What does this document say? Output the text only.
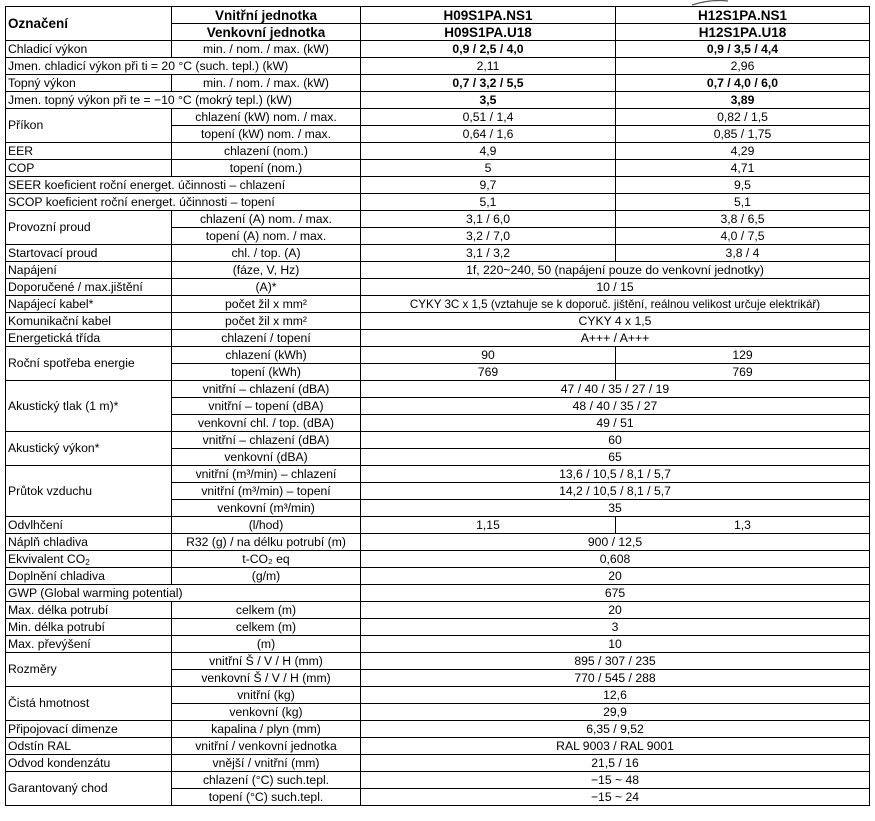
Označení	Vnitřní jednotka	H09S1PA.NS1	H12S1PA.NS1
	Venkovní jednotka	H09S1PA.U18	H12S1PA.U18
Chladicí výkon	min. / nom. / max. (kW)	0,9 / 2,5 / 4,0	0,9 / 3,5 / 4,4
Jmen. chladicí výkon při ti = 20 °C (such. tepl.) (kW)		2,11	2,96
Topný výkon	min. / nom. / max. (kW)	0,7 / 3,2 / 5,5	0,7 / 4,0 / 6,0
Jmen. topný výkon při te = −10 °C (mokrý tepl.) (kW)		3,5	3,89
Příkon	chlazení (kW) nom. / max.	0,51 / 1,4	0,82 / 1,5
	topení (kW) nom. / max.	0,64 / 1,6	0,85 / 1,75
EER	chlazení (nom.)	4,9	4,29
COP	topení (nom.)	5	4,71
SEER koeficient roční energet. účinnosti – chlazení		9,7	9,5
SCOP koeficient roční energet. účinnosti – topení		5,1	5,1
Provozní proud	chlazení (A) nom. / max.	3,1 / 6,0	3,8 / 6,5
	topení (A) nom. / max.	3,2 / 7,0	4,0 / 7,5
Startovací proud	chl. / top. (A)	3,1 / 3,2	3,8 / 4
Napájení	(fáze, V, Hz)	1f, 220~240, 50 (napájení pouze do venkovní jednotky)	
Doporučené / max.jištění	(A)*	10 / 15	
Napájecí kabel*	počet žil x mm²	CYKY 3C x 1,5 (vztahuje se k doporuč. jištění, reálnou velikost určuje elektrikář)	
Komunikační kabel	počet žil x mm²	CYKY 4 x 1,5	
Energetická třída	chlazení / topení	A+++ / A+++	
Roční spotřeba energie	chlazení (kWh)	90	129
	topení (kWh)	769	769
Akustický tlak (1 m)*	vnitřní – chlazení (dBA)	47 / 40 / 35 / 27 / 19	
	vnitřní – topení (dBA)	48 / 40 / 35 / 27	
	venkovní chl. / top. (dBA)	49 / 51	
Akustický výkon*	vnitřní – chlazení (dBA)	60	
	venkovní (dBA)	65	
Průtok vzduchu	vnitřní (m³/min) – chlazení	13,6 / 10,5 / 8,1 / 5,7	
	vnitřní (m³/min) – topení	14,2 / 10,5 / 8,1 / 5,7	
	venkovní (m³/min)	35	
Odvlhčení	(l/hod)	1,15	1,3
Náplň chladiva	R32 (g) / na délku potrubí (m)	900 / 12,5	
Ekvivalent $CO_2$	t-CO₂ eq	0,608	
Doplnění chladiva	(g/m)	20	
GWP (Global warming potential)		675	
Max. délka potrubí	celkem (m)	20	
Min. délka potrubí	celkem (m)	3	
Max. převýšení	(m)	10	
Rozměry	vnitřní Š / V / H (mm)	895 / 307 / 235	
	venkovní Š / V / H (mm)	770 / 545 / 288	
Čistá hmotnost	vnitřní (kg)	12,6	
	venkovní (kg)	29,9	
Připojovací dimenze	kapalina / plyn (mm)	6,35 / 9,52	
Odstín RAL	vnitřní / venkovní jednotka	RAL 9003 / RAL 9001	
Odvod kondenzátu	vnější / vnitřní (mm)	21,5 / 16	
Garantovaný chod	chlazení (°C) such.tepl.	−15 ~ 48	
	topení (°C) such.tepl.	−15 ~ 24	
